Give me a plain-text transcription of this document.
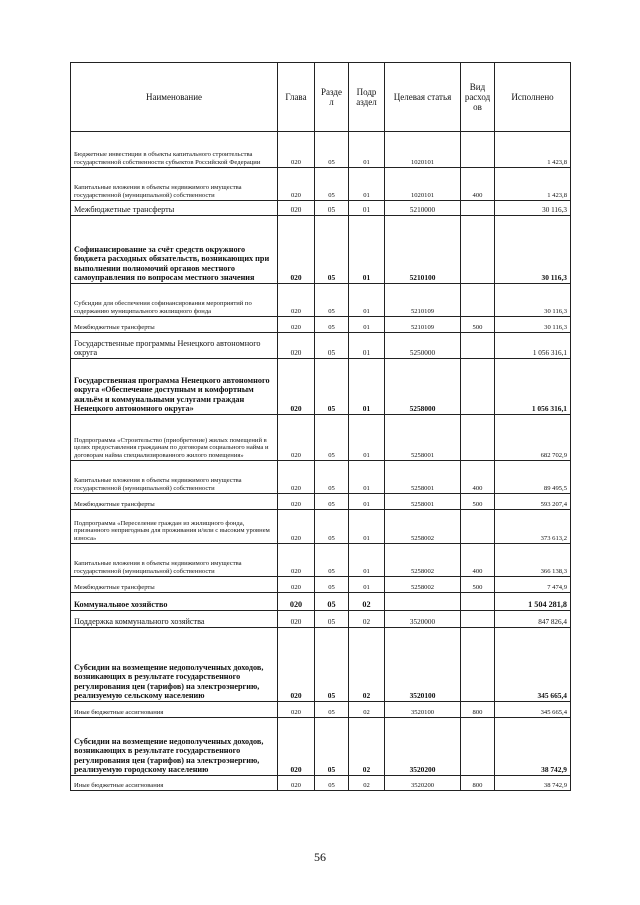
Наименование	Глава	Разде л	Подр аздел	Целевая статья	Вид расход ов	Исполнено
Бюджетные инвестиции в объекты капитального строительства государственной собственности субъектов Российской Федерации	020	05	01	1020101		1 423,8
Капитальные вложения в объекты недвижимого имущества государственной (муниципальной) собственности	020	05	01	1020101	400	1 423,8
Межбюджетные трансферты	020	05	01	5210000		30 116,3
Софинансирование за счёт средств окружного бюджета расходных обязательств, возникающих при выполнении полномочий органов местного самоуправления по вопросам местного значения	020	05	01	5210100		30 116,3
Субсидии для обеспечения софинансирования мероприятий по содержанию муниципального жилищного фонда	020	05	01	5210109		30 116,3
Межбюджетные трансферты	020	05	01	5210109	500	30 116,3
Государственные программы Ненецкого автономного округа	020	05	01	5250000		1 056 316,1
Государственная программа Ненецкого автономного округа «Обеспечение доступным и комфортным жильём и коммунальными услугами граждан Ненецкого автономного округа»	020	05	01	5258000		1 056 316,1
Подпрограмма «Строительство (приобретение) жилых помещений в целях предоставления гражданам по договорам социального найма и договорам найма специализированного жилого помещения»	020	05	01	5258001		682 702,9
Капитальные вложения в объекты недвижимого имущества государственной (муниципальной) собственности	020	05	01	5258001	400	89 495,5
Межбюджетные трансферты	020	05	01	5258001	500	593 207,4
Подпрограмма «Переселение граждан из жилищного фонда, признанного непригодным для проживания и/или с высоким уровнем износа»	020	05	01	5258002		373 613,2
Капитальные вложения в объекты недвижимого имущества государственной (муниципальной) собственности	020	05	01	5258002	400	366 138,3
Межбюджетные трансферты	020	05	01	5258002	500	7 474,9
Коммунальное хозяйство	020	05	02			1 504 281,8
Поддержка коммунального хозяйства	020	05	02	3520000		847 826,4
Субсидии на возмещение недополученных доходов, возникающих в результате государственного регулирования цен (тарифов) на электроэнергию, реализуемую сельскому населению	020	05	02	3520100		345 665,4
Иные бюджетные ассигнования	020	05	02	3520100	800	345 665,4
Субсидии на возмещение недополученных доходов, возникающих в результате государственного регулирования цен (тарифов) на электроэнергию, реализуемую городскому населению	020	05	02	3520200		38 742,9
Иные бюджетные ассигнования	020	05	02	3520200	800	38 742,9
56
